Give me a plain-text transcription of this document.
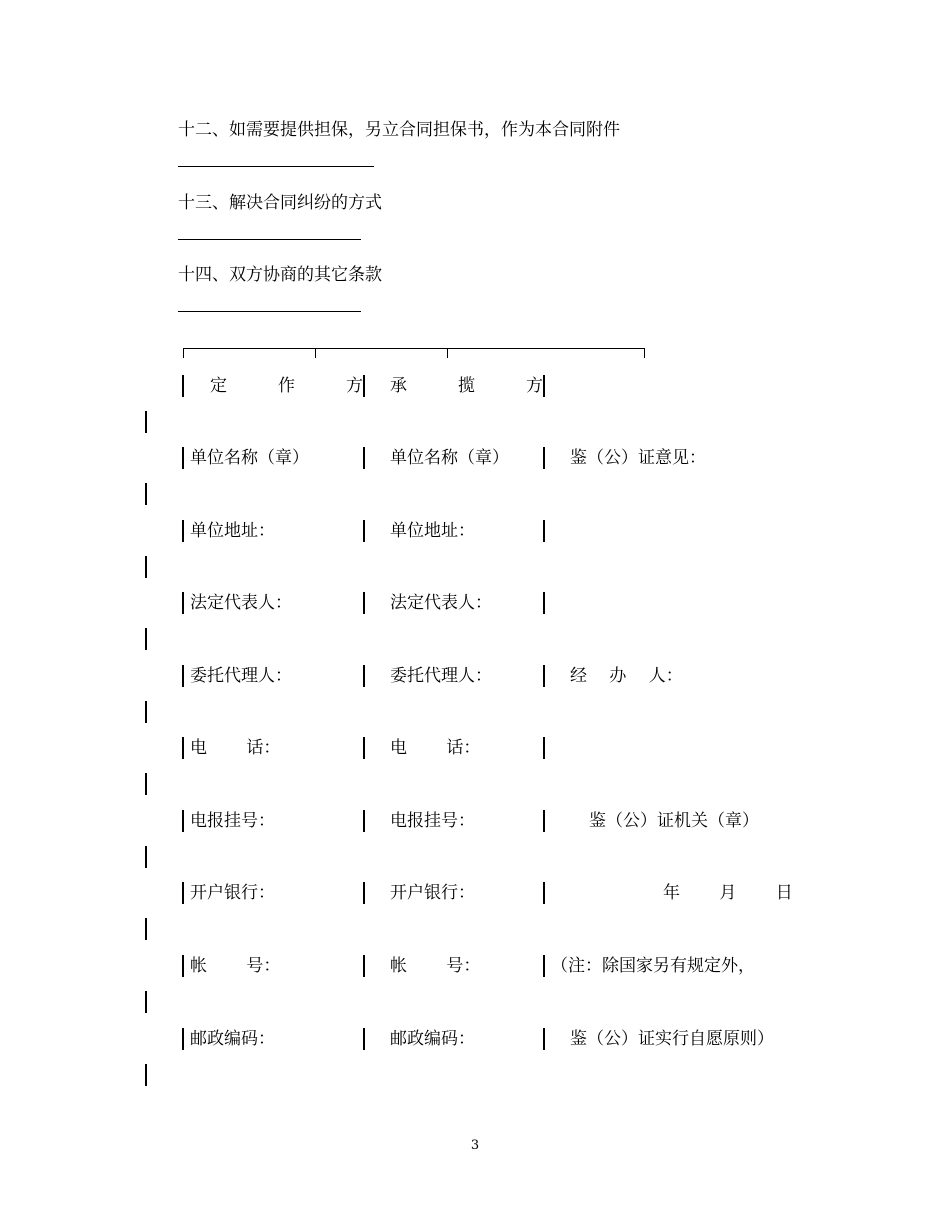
十二、如需要提供担保，另立合同担保书，作为本合同附件
十三、解决合同纠纷的方式
十四、双方协商的其它条款
定　　　作　　　方 承　　　揽　　　方
单位名称（章）	单位名称（章）	鉴（公）证意见：
单位地址：	单位地址：
法定代表人：	法定代表人：
委托代理人：	委托代理人：	经　 办　 人：
电　　 话：	电　　 话：
电报挂号：	电报挂号：	鉴（公）证机关（章）
开户银行：	开户银行：	年　　 月　　 日
帐　　 号：	帐　　 号：	（注：除国家另有规定外，
邮政编码：	邮政编码：	鉴（公）证实行自愿原则）
3
